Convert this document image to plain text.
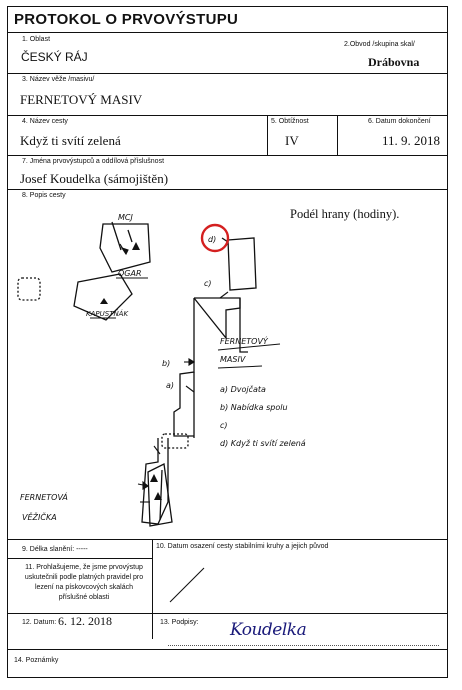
PROTOKOL O PRVOVÝSTUPU
1. Oblast
ČESKÝ RÁJ
2.Obvod /skupina skal/
Drábovna
3. Název věže /masivu/
FERNETOVÝ MASIV
4. Název cesty
Když ti svítí zelená
5. Obtížnost
IV
6. Datum dokončení
11. 9. 2018
7. Jména prvovýstupců a oddílová příslušnost
Josef Koudelka (sámojištěn)
8. Popis cesty
Podél hrany (hodiny).
MCJ
OGAR
KAPUSTŇÁK
d)
c)
b)
a)
FERNETOVÝ
MASIV
FERNETOVÁ
VĚŽIČKA
a) Dvojčata
b) Nabídka spolu
c)
d) Když ti svítí zelená
9. Délka slanění: -----	10. Datum osazení cesty stabilními kruhy a jejich původ
11. Prohlašujeme, že jsme prvovýstup uskutečnili podle platných pravidel pro lezení na pískovcových skalách příslušné oblasti
12. Datum: 6. 12. 2018	13. Podpisy: Koudelka
14. Poznámky
